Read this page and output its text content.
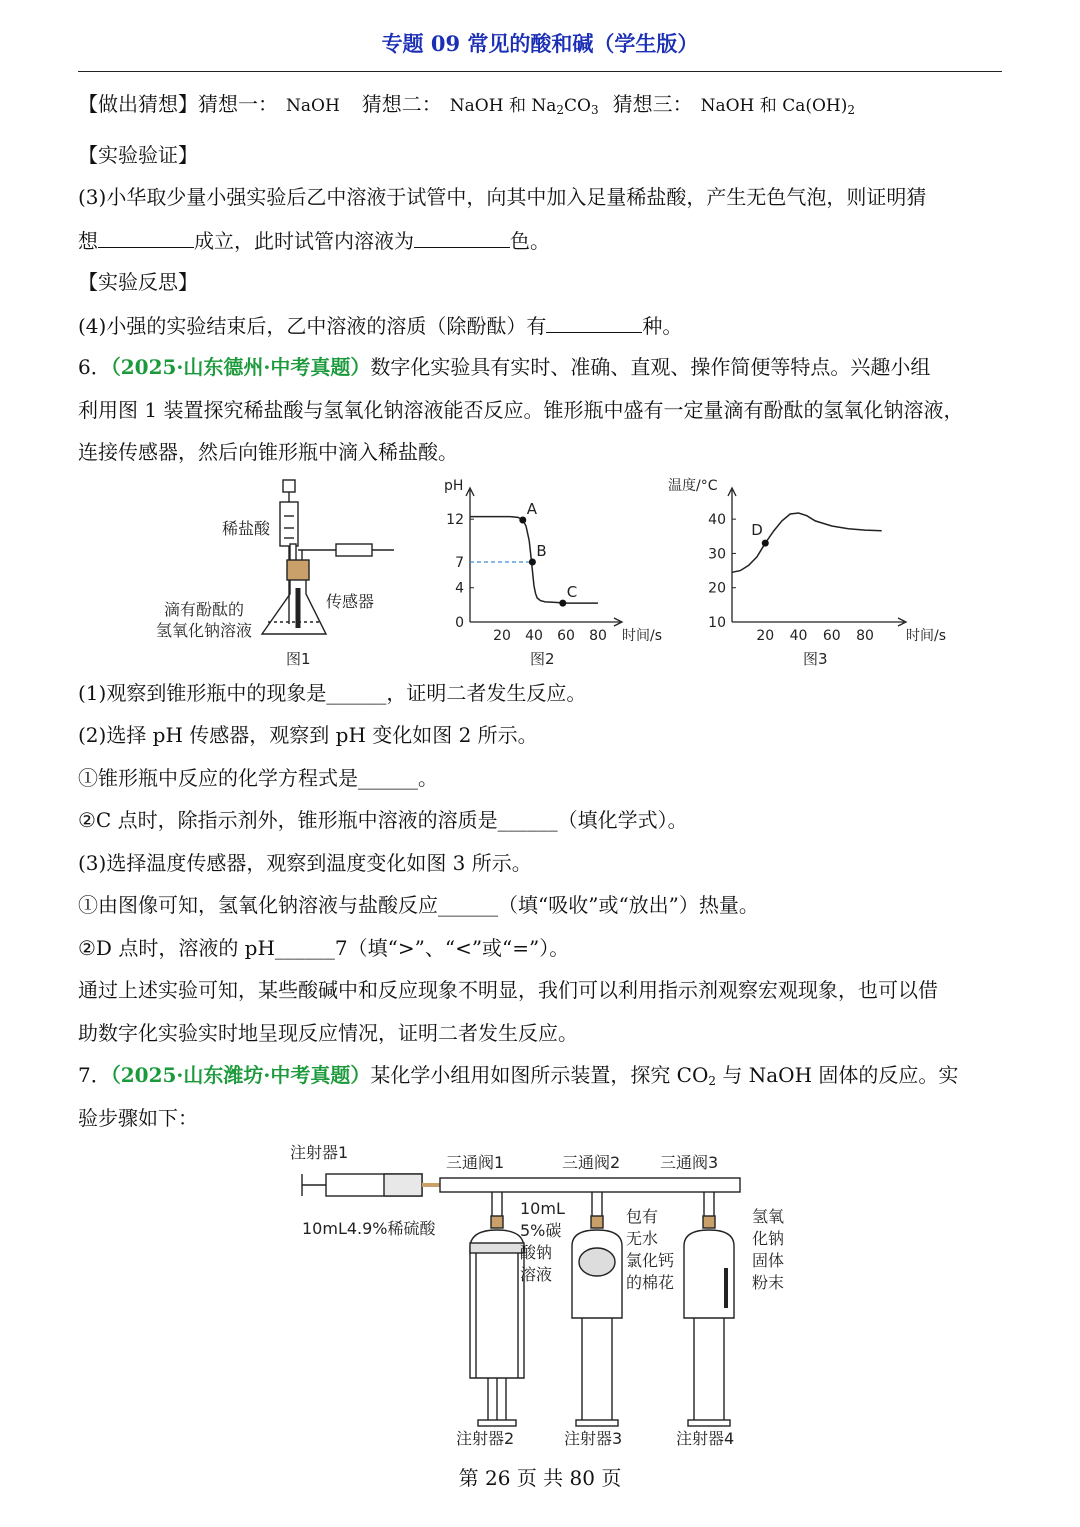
专题 09 常见的酸和碱（学生版）
【做出猜想】猜想一： NaOH 猜想二： NaOH 和 $Na_2CO_3$ 猜想三： NaOH 和 $Ca(OH)_2$
【实验验证】
(3)小华取少量小强实验后乙中溶液于试管中，向其中加入足量稀盐酸，产生无色气泡，则证明猜
想	成立，此时试管内溶液为	色。
【实验反思】
(4)小强的实验结束后，乙中溶液的溶质（除酚酞）有	种。
6．（2025·山东德州·中考真题）数字化实验具有实时、准确、直观、操作简便等特点。兴趣小组
利用图 1 装置探究稀盐酸与氢氧化钠溶液能否反应。锥形瓶中盛有一定量滴有酚酞的氢氧化钠溶液，
连接传感器，然后向锥形瓶中滴入稀盐酸。
稀盐酸
传感器
滴有酚酞的
氢氧化钠溶液
图1
20 40 60 80
0
4
7
12
时间/s
pH
A
B
C
图2
20 40 60 80
10
20
30
40
时间/s
温度/°C
D
图3
(1)观察到锥形瓶中的现象是______，证明二者发生反应。
(2)选择 pH 传感器，观察到 pH 变化如图 2 所示。
①锥形瓶中反应的化学方程式是______。
②C 点时，除指示剂外，锥形瓶中溶液的溶质是______（填化学式）。
(3)选择温度传感器，观察到温度变化如图 3 所示。
①由图像可知，氢氧化钠溶液与盐酸反应______（填“吸收”或“放出”）热量。
②D 点时，溶液的 pH______7（填“>”、“<”或“=”）。
通过上述实验可知，某些酸碱中和反应现象不明显，我们可以利用指示剂观察宏观现象，也可以借
助数字化实验实时地呈现反应情况，证明二者发生反应。
7．（2025·山东潍坊·中考真题）某化学小组用如图所示装置，探究 $CO_2$ 与 NaOH 固体的反应。实
验步骤如下：
注射器1
10mL4.9%稀硫酸
三通阀1	三通阀2 三通阀3
10mL
5%碳
酸钠
溶液
包有
无水
氯化钙
的棉花
氢氧
化钠
固体
粉末
注射器2	注射器3	注射器4
第 26 页 共 80 页
